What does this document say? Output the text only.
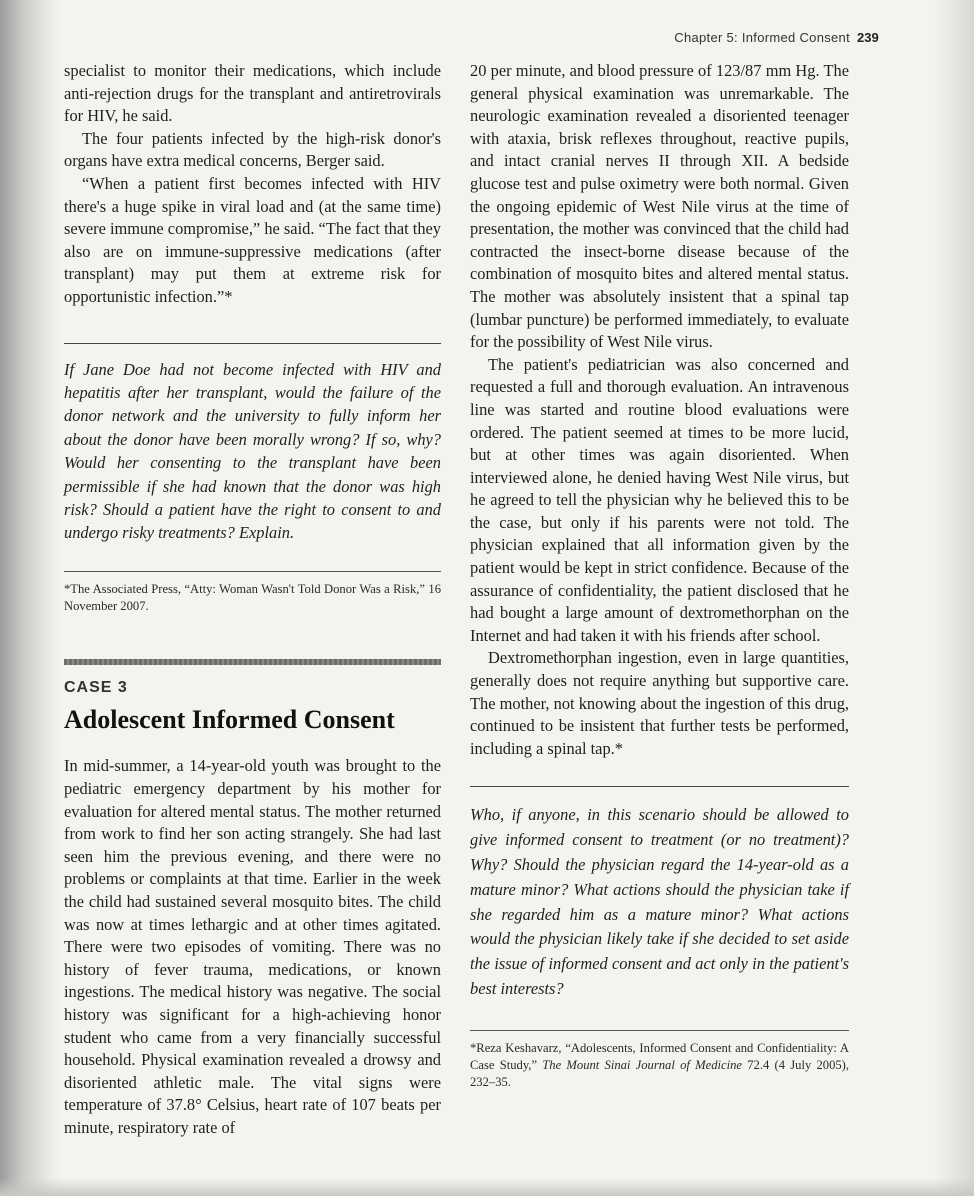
Chapter 5: Informed Consent 239

specialist to monitor their medications, which include anti-rejection drugs for the transplant and antiretrovirals for HIV, he said.

The four patients infected by the high-risk donor's organs have extra medical concerns, Berger said.

“When a patient first becomes infected with HIV there's a huge spike in viral load and (at the same time) severe immune compromise,” he said. “The fact that they also are on immune-suppressive medications (after transplant) may put them at extreme risk for opportunistic infection.”*

If Jane Doe had not become infected with HIV and hepatitis after her transplant, would the failure of the donor network and the university to fully inform her about the donor have been morally wrong? If so, why? Would her consenting to the transplant have been permissible if she had known that the donor was high risk? Should a patient have the right to consent to and undergo risky treatments? Explain.

*The Associated Press, “Atty: Woman Wasn't Told Donor Was a Risk,” 16 November 2007.

CASE 3
Adolescent Informed Consent

In mid-summer, a 14-year-old youth was brought to the pediatric emergency department by his mother for evaluation for altered mental status. The mother returned from work to find her son acting strangely. She had last seen him the previous evening, and there were no problems or complaints at that time. Earlier in the week the child had sustained several mosquito bites. The child was now at times lethargic and at other times agitated. There were two episodes of vomiting. There was no history of fever trauma, medications, or known ingestions. The medical history was negative. The social history was significant for a high-achieving honor student who came from a very financially successful household. Physical examination revealed a drowsy and disoriented athletic male. The vital signs were temperature of 37.8° Celsius, heart rate of 107 beats per minute, respiratory rate of

20 per minute, and blood pressure of 123/87 mm Hg. The general physical examination was unremarkable. The neurologic examination revealed a disoriented teenager with ataxia, brisk reflexes throughout, reactive pupils, and intact cranial nerves II through XII. A bedside glucose test and pulse oximetry were both normal. Given the ongoing epidemic of West Nile virus at the time of presentation, the mother was convinced that the child had contracted the insect-borne disease because of the combination of mosquito bites and altered mental status. The mother was absolutely insistent that a spinal tap (lumbar puncture) be performed immediately, to evaluate for the possibility of West Nile virus.

The patient's pediatrician was also concerned and requested a full and thorough evaluation. An intravenous line was started and routine blood evaluations were ordered. The patient seemed at times to be more lucid, but at other times was again disoriented. When interviewed alone, he denied having West Nile virus, but he agreed to tell the physician why he believed this to be the case, but only if his parents were not told. The physician explained that all information given by the patient would be kept in strict confidence. Because of the assurance of confidentiality, the patient disclosed that he had bought a large amount of dextromethorphan on the Internet and had taken it with his friends after school.

Dextromethorphan ingestion, even in large quantities, generally does not require anything but supportive care. The mother, not knowing about the ingestion of this drug, continued to be insistent that further tests be performed, including a spinal tap.*

Who, if anyone, in this scenario should be allowed to give informed consent to treatment (or no treatment)? Why? Should the physician regard the 14-year-old as a mature minor? What actions should the physician take if she regarded him as a mature minor? What actions would the physician likely take if she decided to set aside the issue of informed consent and act only in the patient's best interests?

*Reza Keshavarz, “Adolescents, Informed Consent and Confidentiality: A Case Study,” The Mount Sinai Journal of Medicine 72.4 (4 July 2005), 232–35.
